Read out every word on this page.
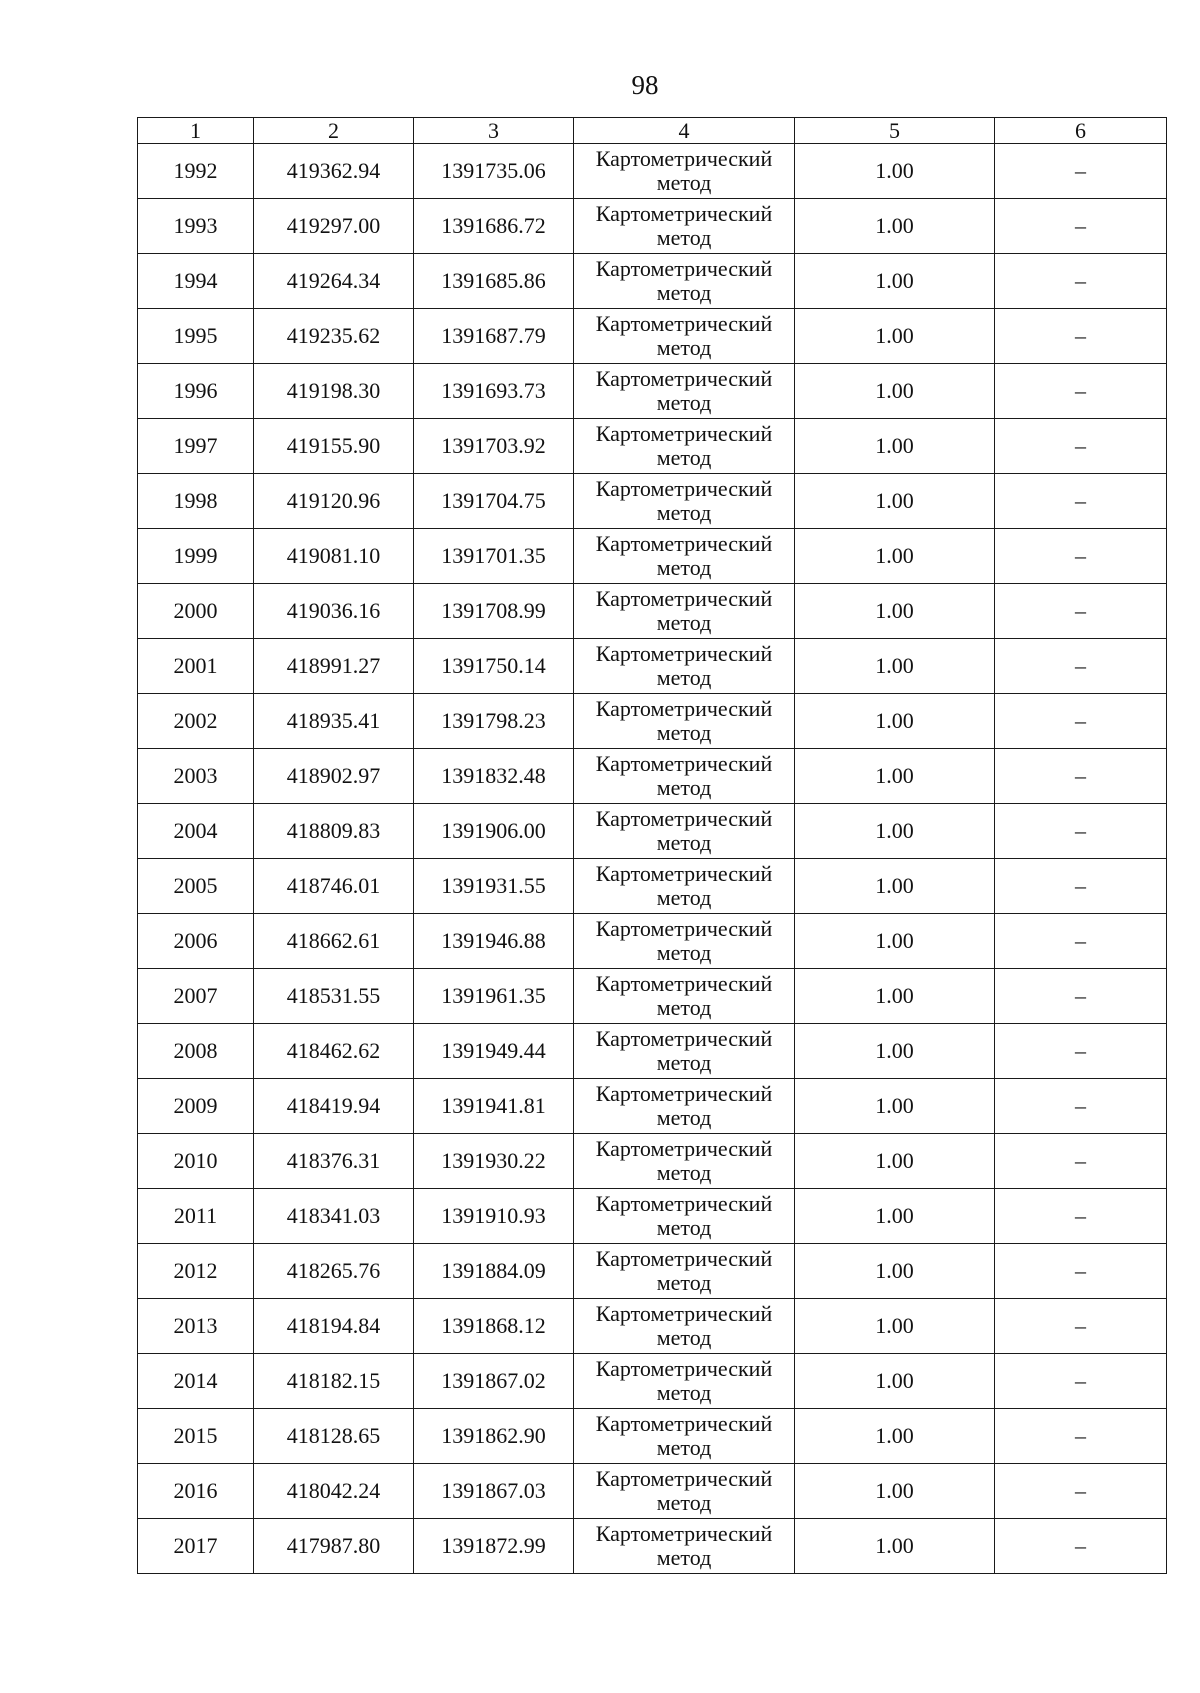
98
1	2	3	4	5	6
1992	419362.94	1391735.06	Картометрический
метод	1.00	–
1993	419297.00	1391686.72	Картометрический
метод	1.00	–
1994	419264.34	1391685.86	Картометрический
метод	1.00	–
1995	419235.62	1391687.79	Картометрический
метод	1.00	–
1996	419198.30	1391693.73	Картометрический
метод	1.00	–
1997	419155.90	1391703.92	Картометрический
метод	1.00	–
1998	419120.96	1391704.75	Картометрический
метод	1.00	–
1999	419081.10	1391701.35	Картометрический
метод	1.00	–
2000	419036.16	1391708.99	Картометрический
метод	1.00	–
2001	418991.27	1391750.14	Картометрический
метод	1.00	–
2002	418935.41	1391798.23	Картометрический
метод	1.00	–
2003	418902.97	1391832.48	Картометрический
метод	1.00	–
2004	418809.83	1391906.00	Картометрический
метод	1.00	–
2005	418746.01	1391931.55	Картометрический
метод	1.00	–
2006	418662.61	1391946.88	Картометрический
метод	1.00	–
2007	418531.55	1391961.35	Картометрический
метод	1.00	–
2008	418462.62	1391949.44	Картометрический
метод	1.00	–
2009	418419.94	1391941.81	Картометрический
метод	1.00	–
2010	418376.31	1391930.22	Картометрический
метод	1.00	–
2011	418341.03	1391910.93	Картометрический
метод	1.00	–
2012	418265.76	1391884.09	Картометрический
метод	1.00	–
2013	418194.84	1391868.12	Картометрический
метод	1.00	–
2014	418182.15	1391867.02	Картометрический
метод	1.00	–
2015	418128.65	1391862.90	Картометрический
метод	1.00	–
2016	418042.24	1391867.03	Картометрический
метод	1.00	–
2017	417987.80	1391872.99	Картометрический
метод	1.00	–
